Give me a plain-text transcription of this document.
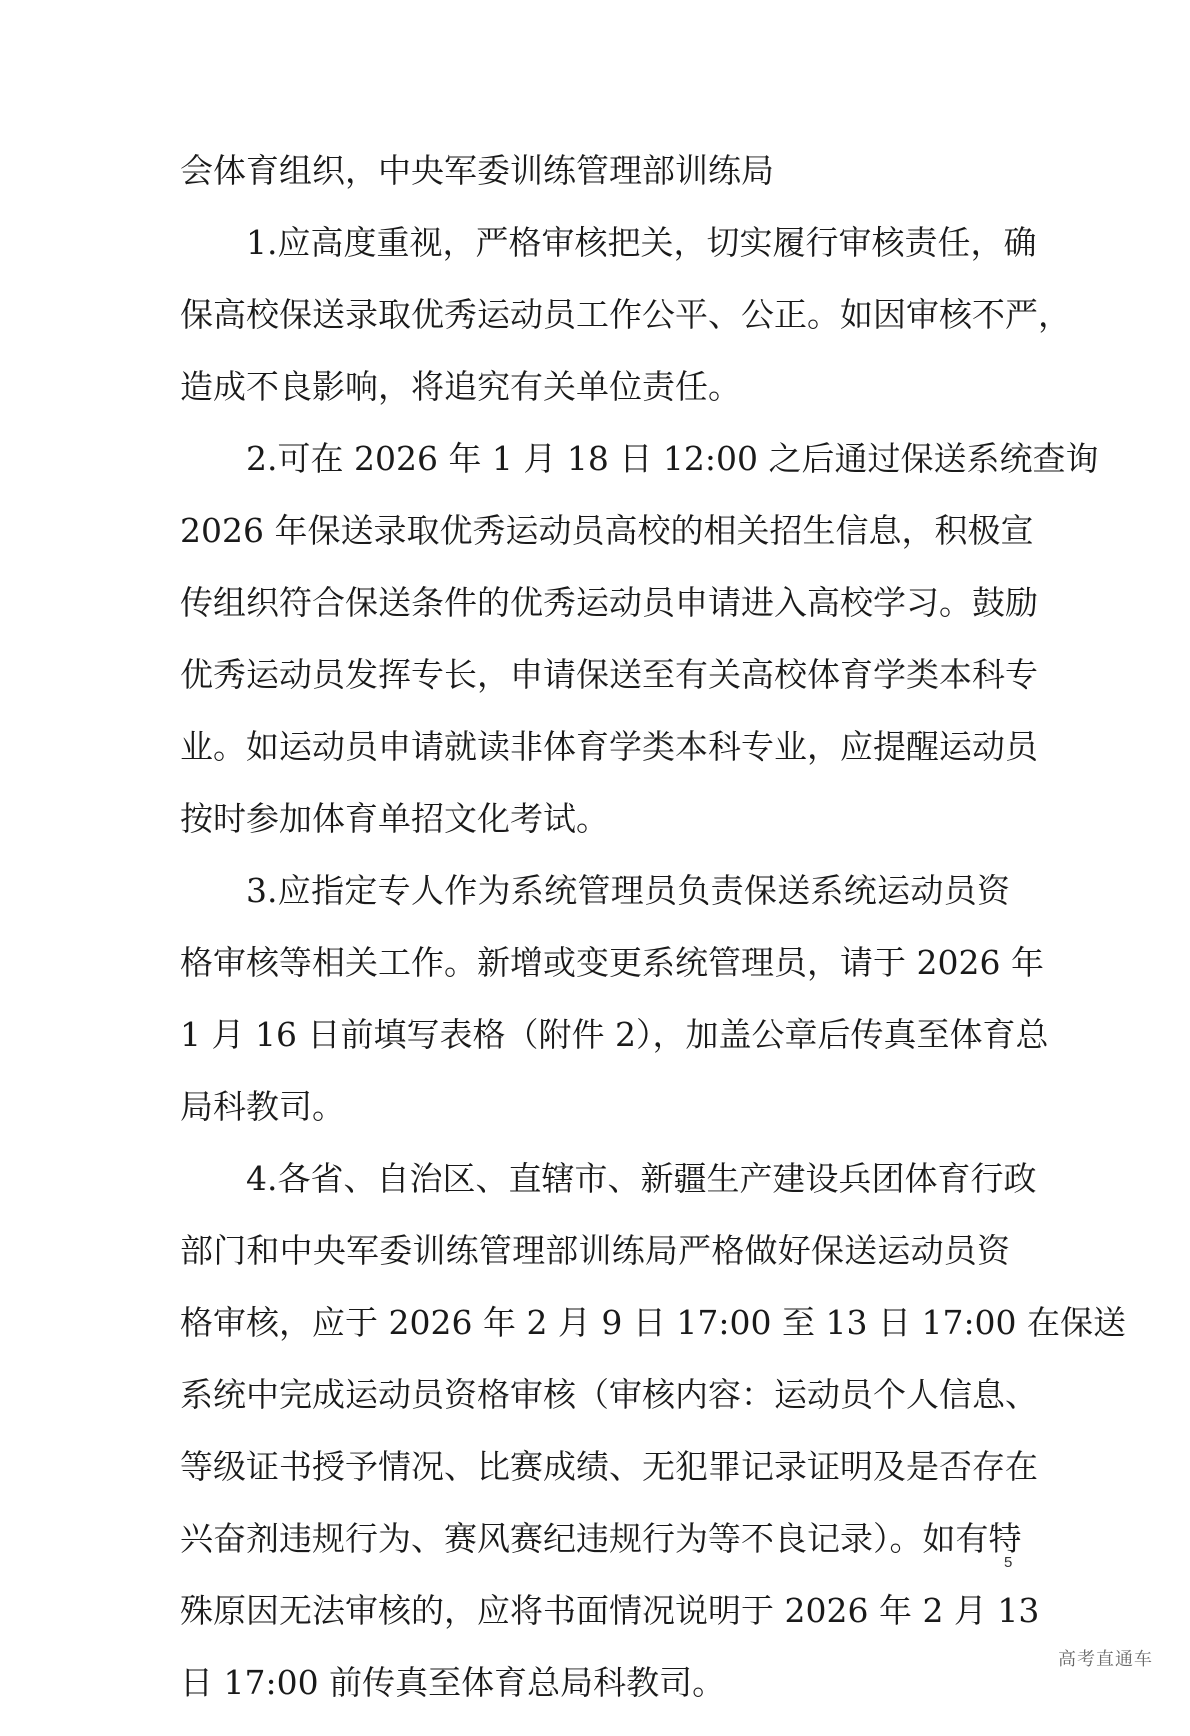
会体育组织，中央军委训练管理部训练局
1.应高度重视，严格审核把关，切实履行审核责任，确
保高校保送录取优秀运动员工作公平、公正。如因审核不严，
造成不良影响，将追究有关单位责任。
2.可在 2026 年 1 月 18 日 12:00 之后通过保送系统查询
2026 年保送录取优秀运动员高校的相关招生信息，积极宣
传组织符合保送条件的优秀运动员申请进入高校学习。鼓励
优秀运动员发挥专长，申请保送至有关高校体育学类本科专
业。如运动员申请就读非体育学类本科专业，应提醒运动员
按时参加体育单招文化考试。
3.应指定专人作为系统管理员负责保送系统运动员资
格审核等相关工作。新增或变更系统管理员，请于 2026 年
1 月 16 日前填写表格（附件 2），加盖公章后传真至体育总
局科教司。
4.各省、自治区、直辖市、新疆生产建设兵团体育行政
部门和中央军委训练管理部训练局严格做好保送运动员资
格审核，应于 2026 年 2 月 9 日 17:00 至 13 日 17:00 在保送
系统中完成运动员资格审核（审核内容：运动员个人信息、
等级证书授予情况、比赛成绩、无犯罪记录证明及是否存在
兴奋剂违规行为、赛风赛纪违规行为等不良记录）。如有特
殊原因无法审核的，应将书面情况说明于 2026 年 2 月 13
日 17:00 前传真至体育总局科教司。
5
高考直通车
